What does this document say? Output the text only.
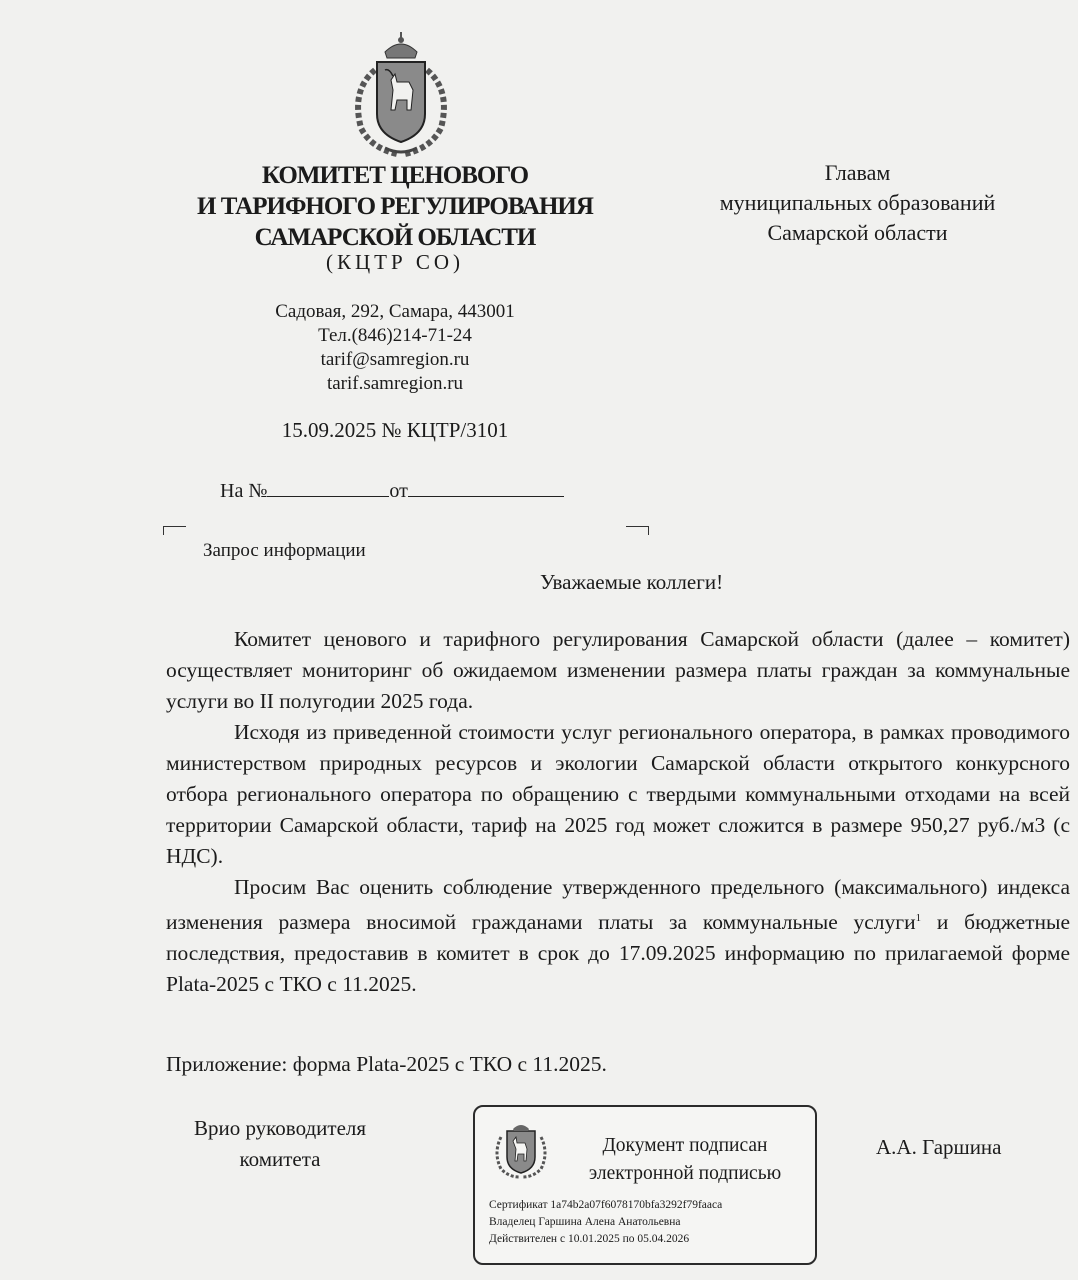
КОМИТЕТ ЦЕНОВОГО
И ТАРИФНОГО РЕГУЛИРОВАНИЯ
САМАРСКОЙ ОБЛАСТИ
(КЦТР СО)
Садовая, 292, Самара, 443001
Тел.(846)214-71-24
tarif@samregion.ru
tarif.samregion.ru
15.09.2025 № КЦТР/3101
На №	от
Главам
муниципальных образований
Самарской области
Запрос информации
Уважаемые коллеги!

Комитет ценового и тарифного регулирования Самарской области (далее – комитет) осуществляет мониторинг об ожидаемом изменении размера платы граждан за коммунальные услуги во II полугодии 2025 года.

Исходя из приведенной стоимости услуг регионального оператора, в рамках проводимого министерством природных ресурсов и экологии Самарской области открытого конкурсного отбора регионального оператора по обращению с твердыми коммунальными отходами на всей территории Самарской области, тариф на 2025 год может сложится в размере 950,27 руб./м3 (с НДС).

Просим Вас оценить соблюдение утвержденного предельного (максимального) индекса изменения размера вносимой гражданами платы за коммунальные услуги$^1$ и бюджетные последствия, предоставив в комитет в срок до 17.09.2025 информацию по прилагаемой форме Plata-2025 с ТКО с 11.2025.

Приложение: форма Plata-2025 с ТКО с 11.2025.
Врио руководителя
комитета	А.А. Гаршина
Документ подписан
электронной подписью
Сертификат 1a74b2a07f6078170bfa3292f79faaca
Владелец Гаршина Алена Анатольевна
Действителен с 10.01.2025 по 05.04.2026
